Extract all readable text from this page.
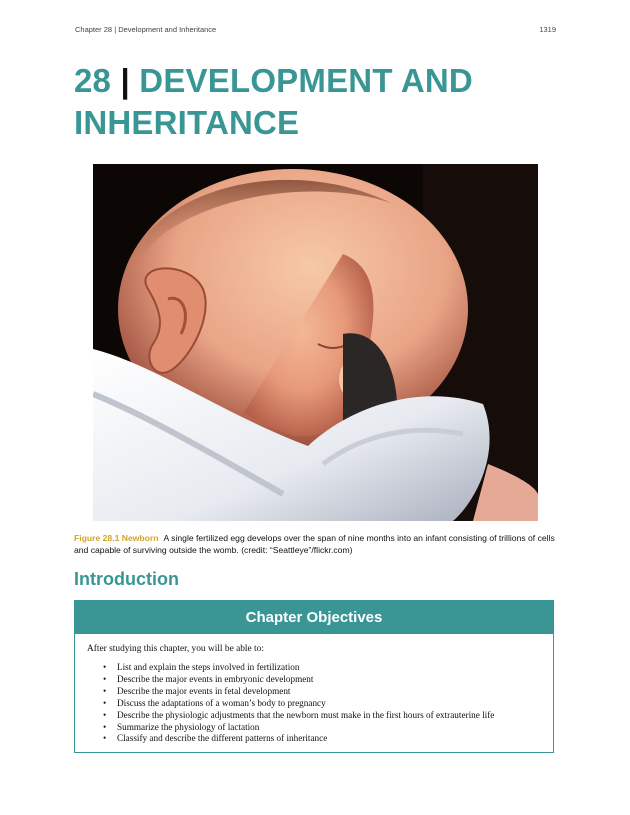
Chapter 28 | Development and Inheritance	1319
28 | DEVELOPMENT AND
INHERITANCE

Figure 28.1 Newborn A single fertilized egg develops over the span of nine months into an infant consisting of trillions of cells and capable of surviving outside the womb. (credit: “Seattleye”/flickr.com)

Introduction
Chapter Objectives
After studying this chapter, you will be able to:
• List and explain the steps involved in fertilization
• Describe the major events in embryonic development
• Describe the major events in fetal development
• Discuss the adaptations of a woman’s body to pregnancy
• Describe the physiologic adjustments that the newborn must make in the first hours of extrauterine life
• Summarize the physiology of lactation
• Classify and describe the different patterns of inheritance
